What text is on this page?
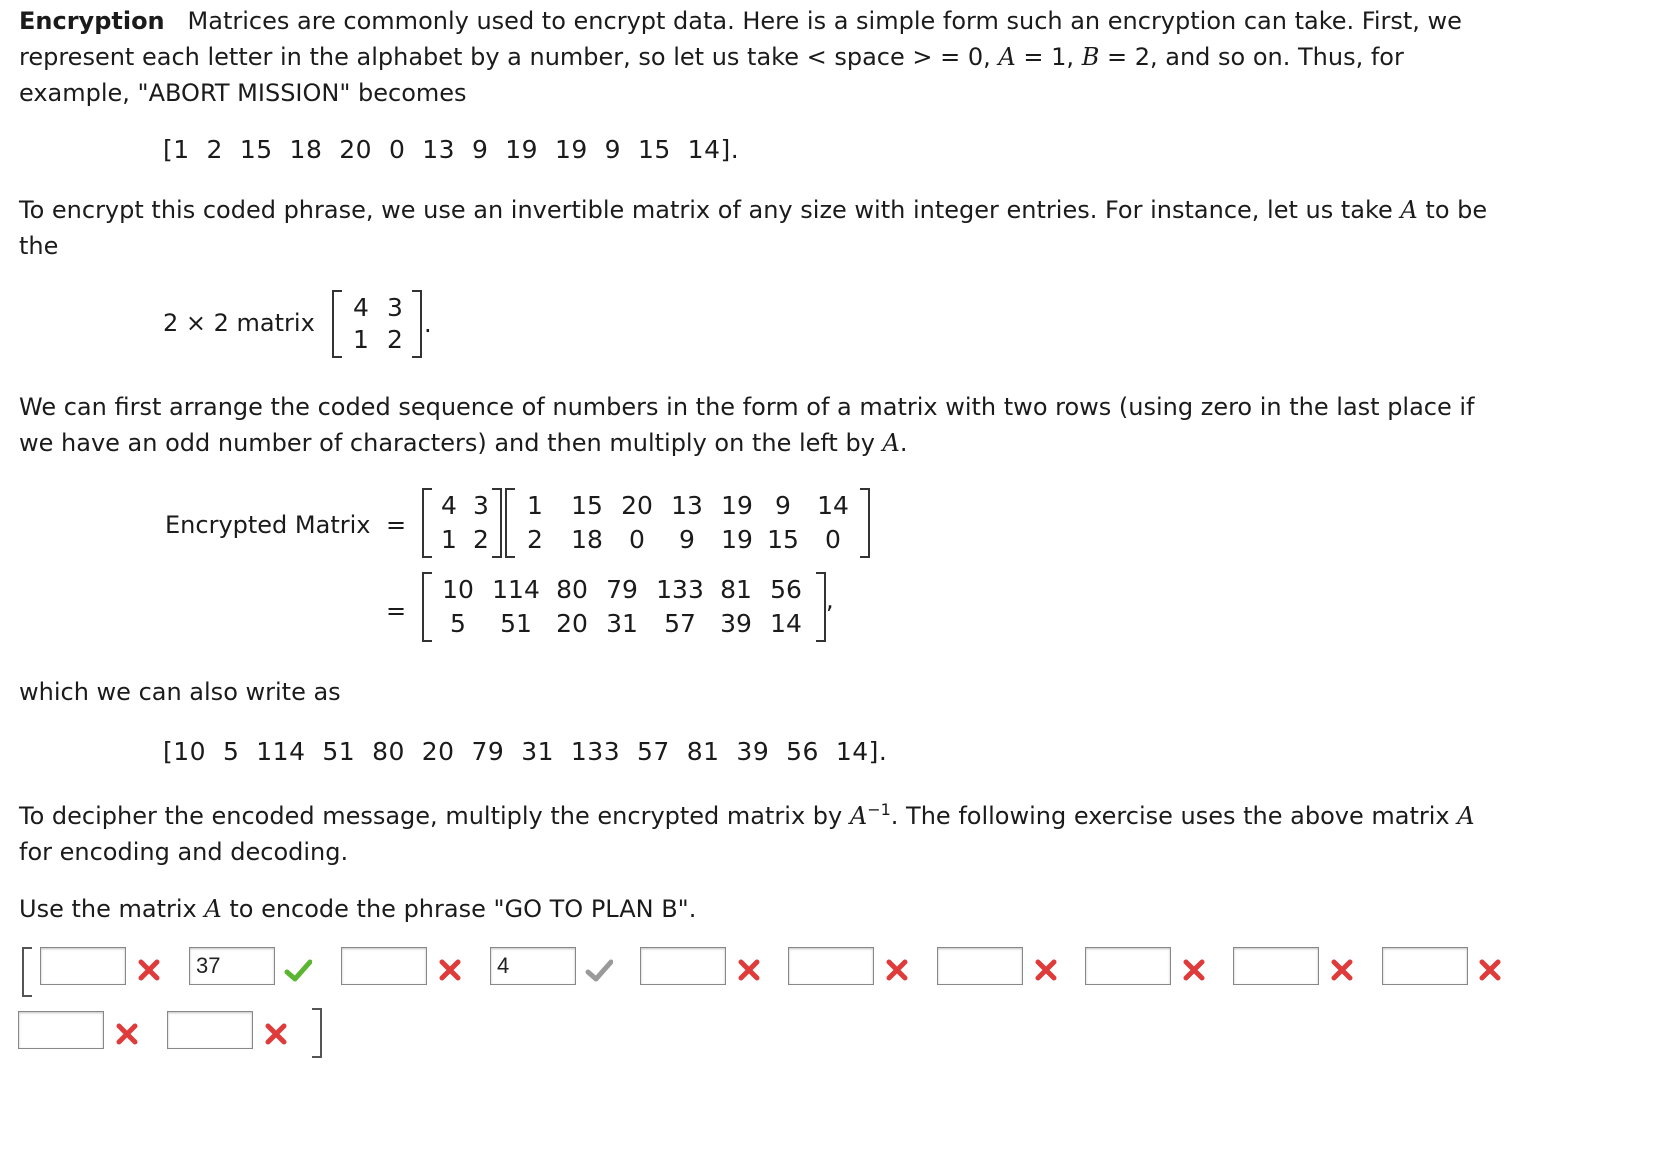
Encryption Matrices are commonly used to encrypt data. Here is a simple form such an encryption can take. First, we
represent each letter in the alphabet by a number, so let us take < space > = 0, A = 1, B = 2, and so on. Thus, for
example, "ABORT MISSION" becomes

[1  2  15  18  20  0  13  9  19  19  9  15  14].

To encrypt this coded phrase, we use an invertible matrix of any size with integer entries. For instance, let us take A to be
the

2 × 2 matrix
4 3
1 2
.

We can first arrange the coded sequence of numbers in the form of a matrix with two rows (using zero in the last place if
we have an odd number of characters) and then multiply on the left by A.

Encrypted Matrix =
4 3
1 2
1	15 20 13 19 9	14
2	18	0	9	19 15	0
=
10 114 80 79 133 81 56
5	51 20 31	57 39 14
,

which we can also write as

[10  5  114  51  80  20  79  31  133  57  81  39  56  14].

To decipher the encoded message, multiply the encrypted matrix by $A^{-1}$. The following exercise uses the above matrix A
for encoding and decoding.

Use the matrix A to encode the phrase "GO TO PLAN B".

37
4
